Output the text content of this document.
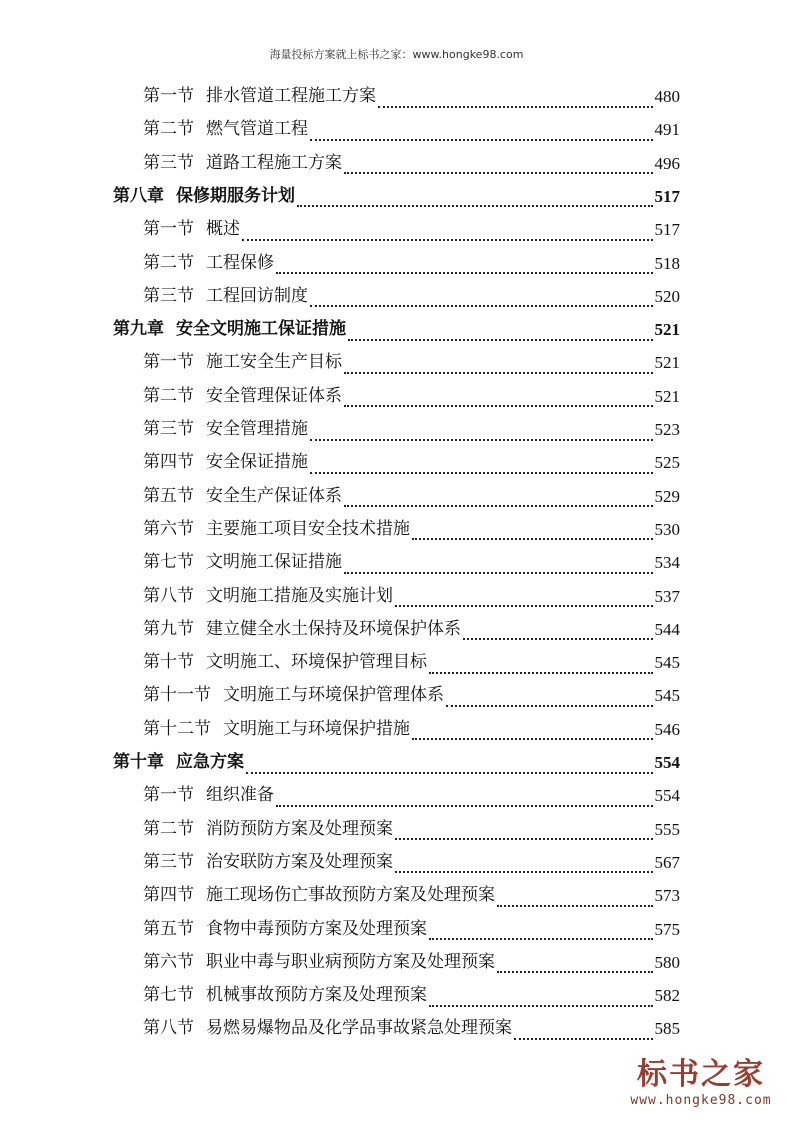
海量投标方案就上标书之家：www.hongke98.com
第一节 排水管道工程施工方案	480
第二节 燃气管道工程	491
第三节 道路工程施工方案	496
第八章 保修期服务计划	517
第一节 概述	517
第二节 工程保修	518
第三节 工程回访制度	520
第九章 安全文明施工保证措施	521
第一节 施工安全生产目标	521
第二节 安全管理保证体系	521
第三节 安全管理措施	523
第四节 安全保证措施	525
第五节 安全生产保证体系	529
第六节 主要施工项目安全技术措施	530
第七节 文明施工保证措施	534
第八节 文明施工措施及实施计划	537
第九节 建立健全水土保持及环境保护体系	544
第十节 文明施工、环境保护管理目标	545
第十一节 文明施工与环境保护管理体系	545
第十二节 文明施工与环境保护措施	546
第十章 应急方案	554
第一节 组织准备	554
第二节 消防预防方案及处理预案	555
第三节 治安联防方案及处理预案	567
第四节 施工现场伤亡事故预防方案及处理预案	573
第五节 食物中毒预防方案及处理预案	575
第六节 职业中毒与职业病预防方案及处理预案	580
第七节 机械事故预防方案及处理预案	582
第八节 易燃易爆物品及化学品事故紧急处理预案	585
标书之家
www.hongke98.com
